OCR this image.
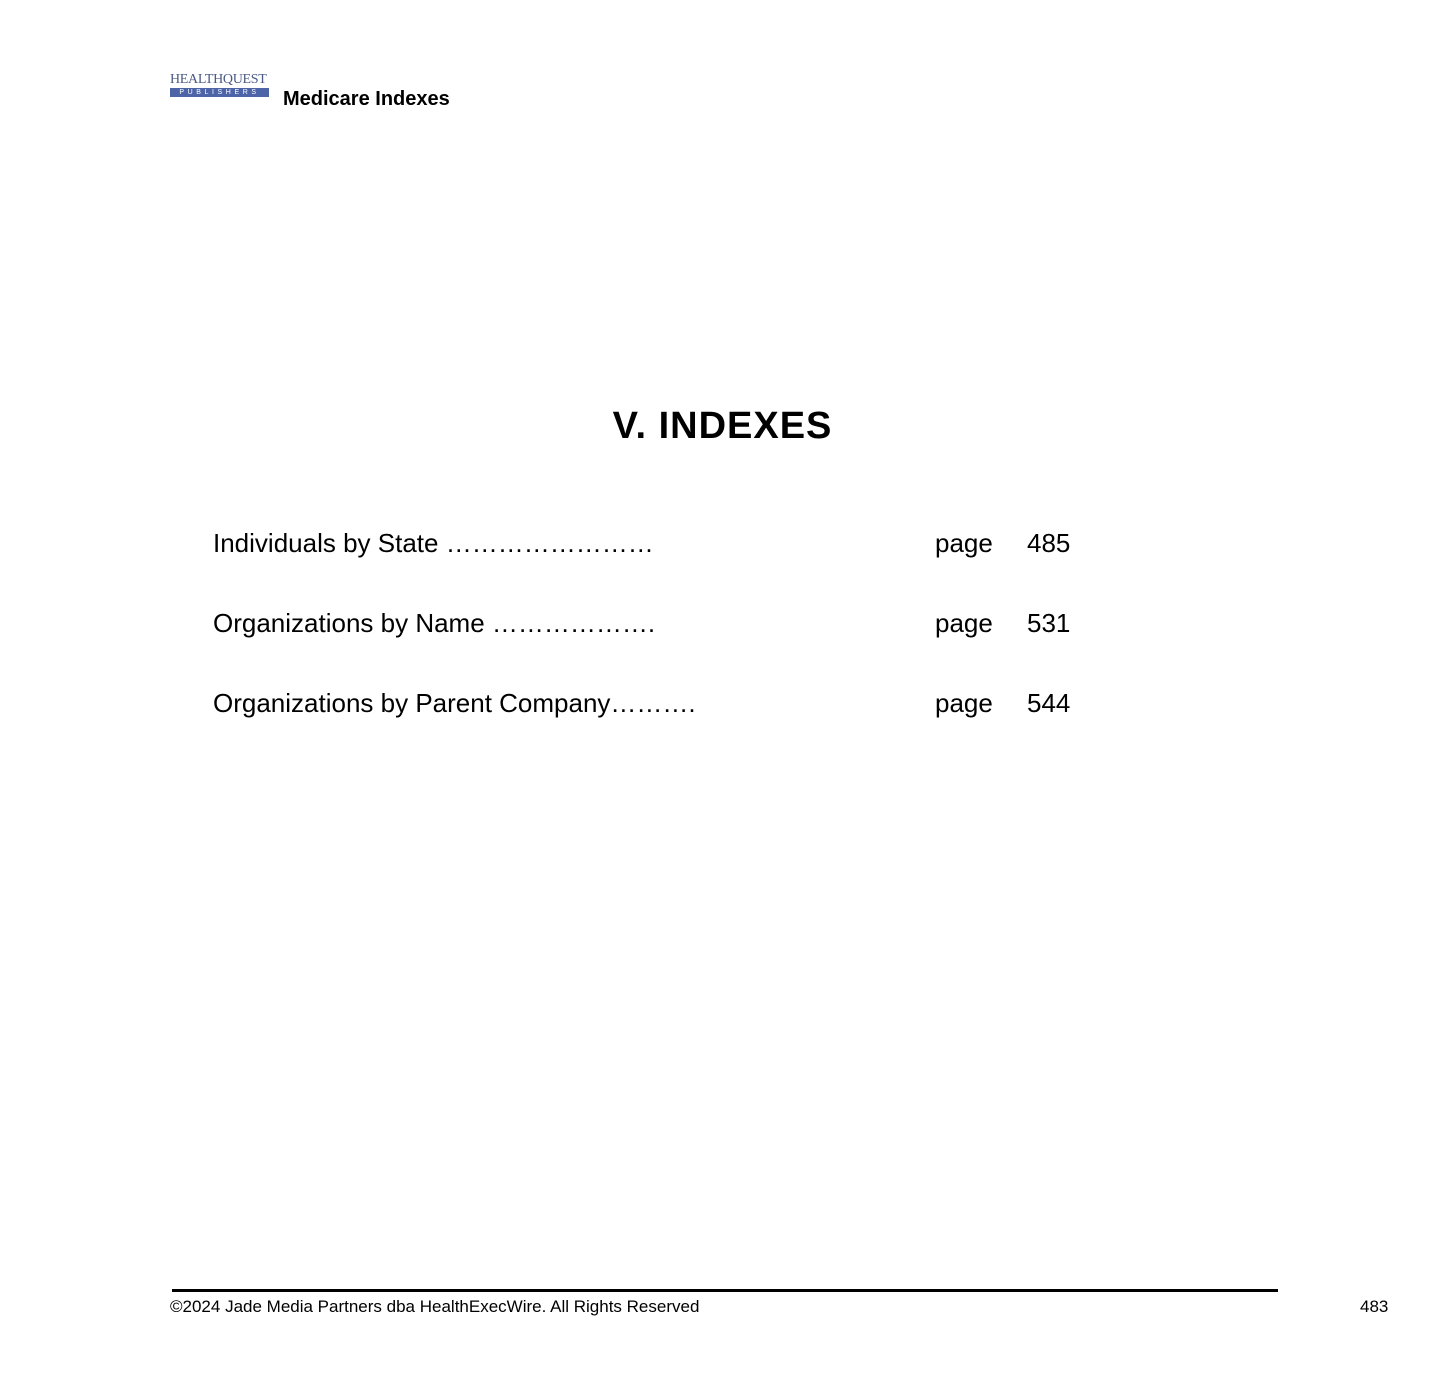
HEALTHQUEST
PUBLISHERS	Medicare Indexes
V. INDEXES
Individuals by State ……………………	page 485
Organizations by Name ……………….	page 531
Organizations by Parent Company……….	page 544
©2024 Jade Media Partners dba HealthExecWire. All Rights Reserved	483
